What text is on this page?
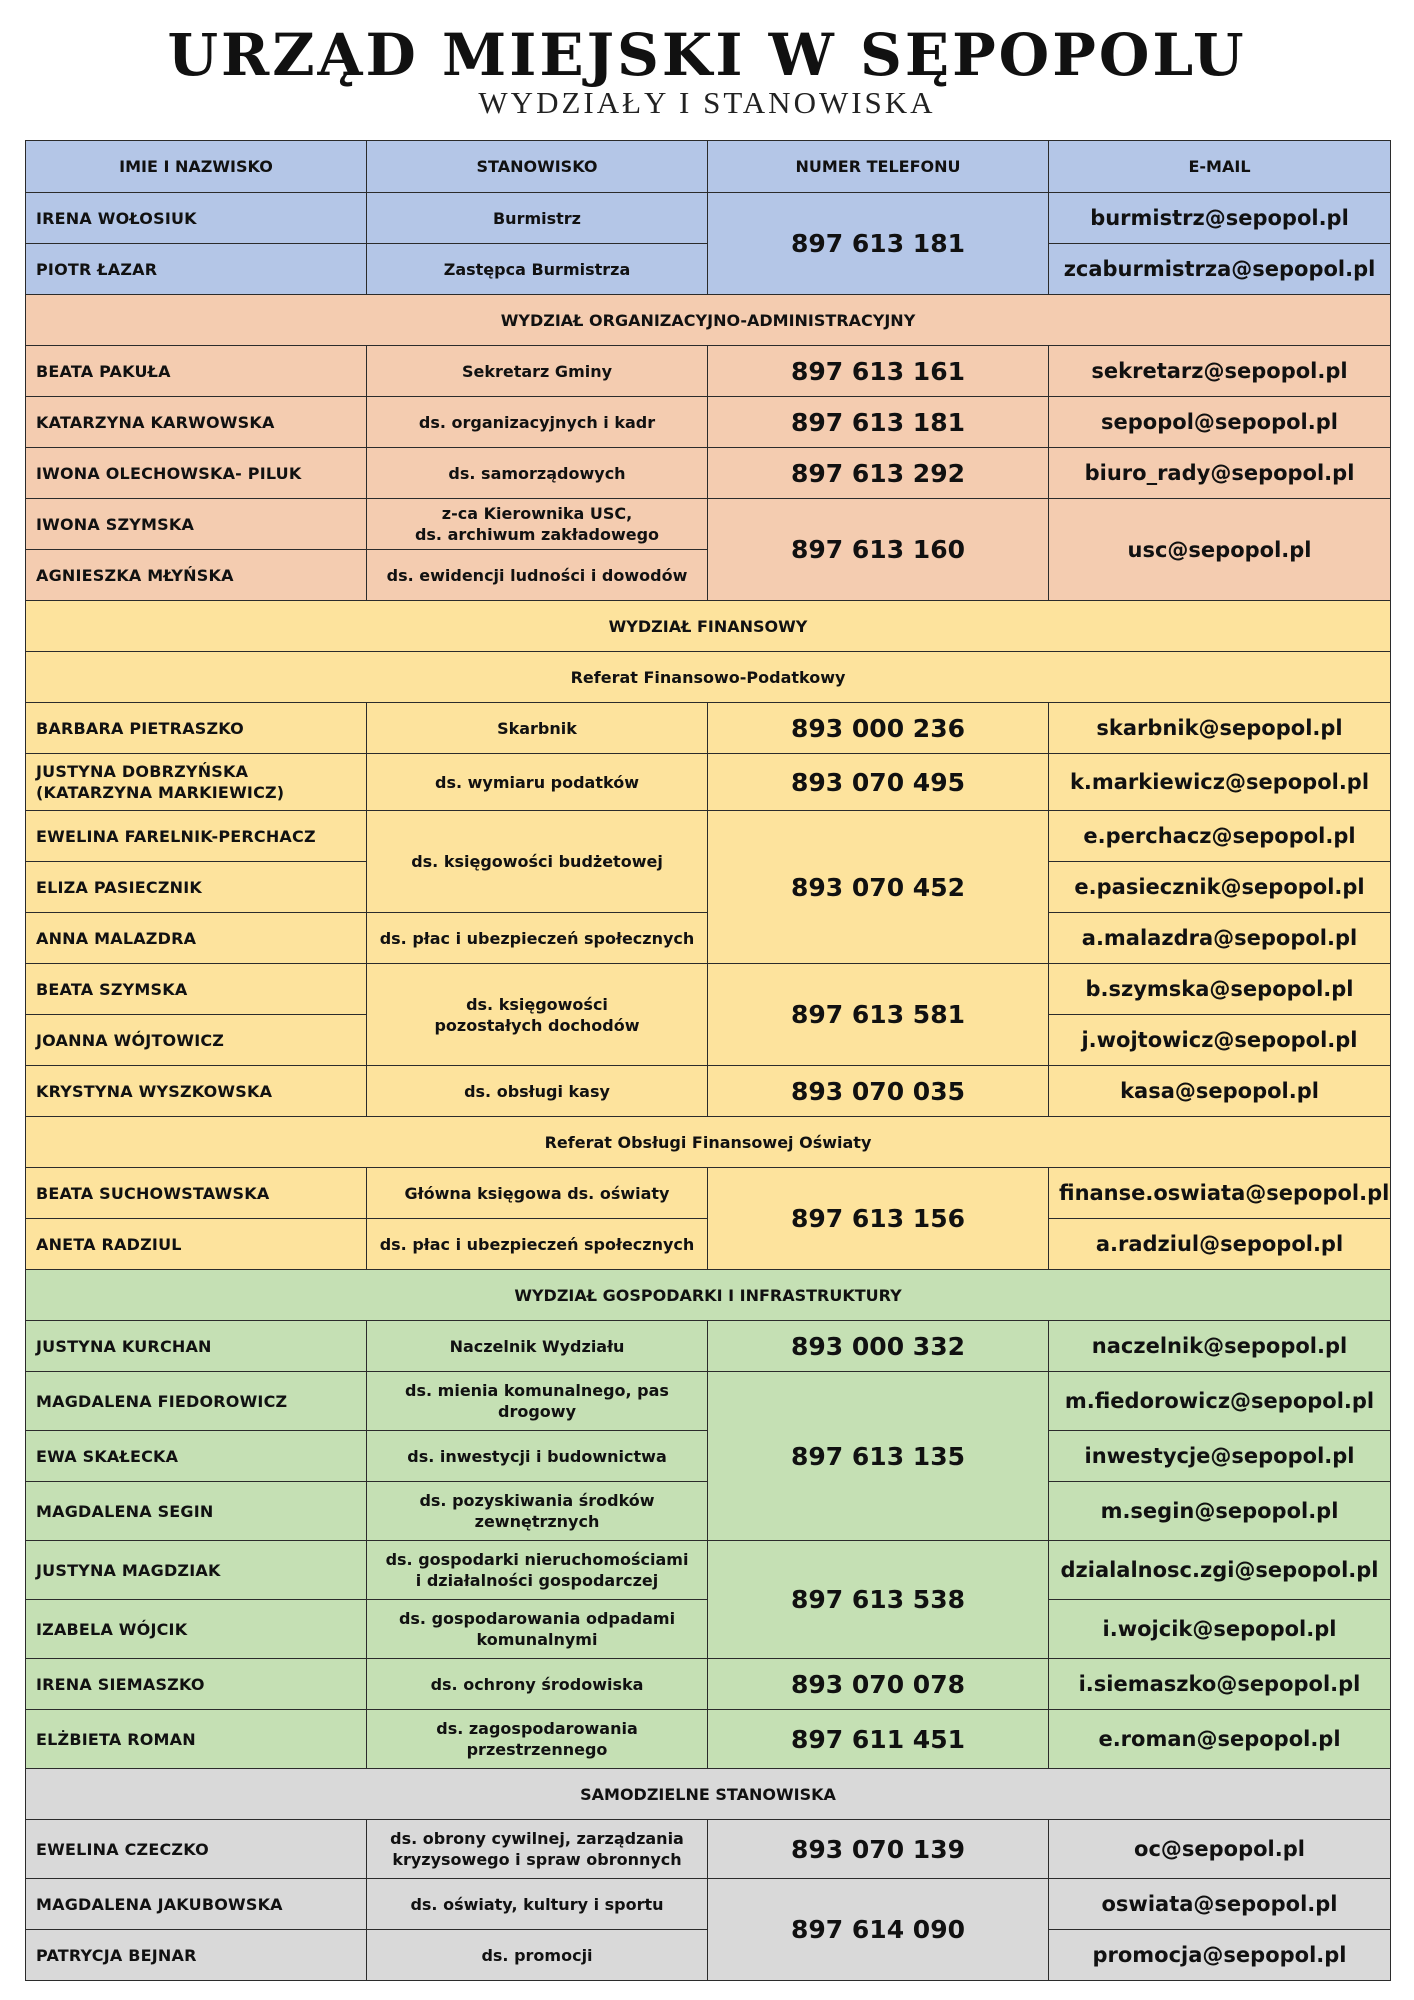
URZĄD MIEJSKI W SĘPOPOLU
WYDZIAŁY I STANOWISKA
IMIE I NAZWISKO	STANOWISKO	NUMER TELEFONU	E-MAIL
IRENA WOŁOSIUK	Burmistrz	897 613 181	burmistrz@sepopol.pl
PIOTR ŁAZAR	Zastępca Burmistrza		zcaburmistrza@sepopol.pl
WYDZIAŁ ORGANIZACYJNO-ADMINISTRACYJNY			
BEATA PAKUŁA	Sekretarz Gminy	897 613 161	sekretarz@sepopol.pl
KATARZYNA KARWOWSKA	ds. organizacyjnych i kadr	897 613 181	sepopol@sepopol.pl
IWONA OLECHOWSKA- PILUK	ds. samorządowych	897 613 292	biuro_rady@sepopol.pl
IWONA SZYMSKA	z-ca Kierownika USC,
ds. archiwum zakładowego	897 613 160	usc@sepopol.pl
AGNIESZKA MŁYŃSKA	ds. ewidencji ludności i dowodów		
WYDZIAŁ FINANSOWY			
Referat Finansowo-Podatkowy			
BARBARA PIETRASZKO	Skarbnik	893 000 236	skarbnik@sepopol.pl
JUSTYNA DOBRZYŃSKA
(KATARZYNA MARKIEWICZ)	ds. wymiaru podatków	893 070 495	k.markiewicz@sepopol.pl
EWELINA FARELNIK-PERCHACZ	ds. księgowości budżetowej	893 070 452	e.perchacz@sepopol.pl
ELIZA PASIECZNIK			e.pasiecznik@sepopol.pl
ANNA MALAZDRA	ds. płac i ubezpieczeń społecznych		a.malazdra@sepopol.pl
BEATA SZYMSKA	ds. księgowości
pozostałych dochodów	897 613 581	b.szymska@sepopol.pl
JOANNA WÓJTOWICZ			j.wojtowicz@sepopol.pl
KRYSTYNA WYSZKOWSKA	ds. obsługi kasy	893 070 035	kasa@sepopol.pl
Referat Obsługi Finansowej Oświaty			
BEATA SUCHOWSTAWSKA	Główna księgowa ds. oświaty	897 613 156	finanse.oswiata@sepopol.pl
ANETA RADZIUL	ds. płac i ubezpieczeń społecznych		a.radziul@sepopol.pl
WYDZIAŁ GOSPODARKI I INFRASTRUKTURY			
JUSTYNA KURCHAN	Naczelnik Wydziału	893 000 332	naczelnik@sepopol.pl
MAGDALENA FIEDOROWICZ	ds. mienia komunalnego, pas
drogowy	897 613 135	m.fiedorowicz@sepopol.pl
EWA SKAŁECKA	ds. inwestycji i budownictwa		inwestycje@sepopol.pl
MAGDALENA SEGIN	ds. pozyskiwania środków
zewnętrznych		m.segin@sepopol.pl
JUSTYNA MAGDZIAK	ds. gospodarki nieruchomościami
i działalności gospodarczej	897 613 538	dzialalnosc.zgi@sepopol.pl
IZABELA WÓJCIK	ds. gospodarowania odpadami
komunalnymi		i.wojcik@sepopol.pl
IRENA SIEMASZKO	ds. ochrony środowiska	893 070 078	i.siemaszko@sepopol.pl
ELŻBIETA ROMAN	ds. zagospodarowania przestrzennego	897 611 451	e.roman@sepopol.pl
SAMODZIELNE STANOWISKA			
EWELINA CZECZKO	ds. obrony cywilnej, zarządzania
kryzysowego i spraw obronnych	893 070 139	oc@sepopol.pl
MAGDALENA JAKUBOWSKA	ds. oświaty, kultury i sportu	897 614 090	oswiata@sepopol.pl
PATRYCJA BEJNAR	ds. promocji		promocja@sepopol.pl
